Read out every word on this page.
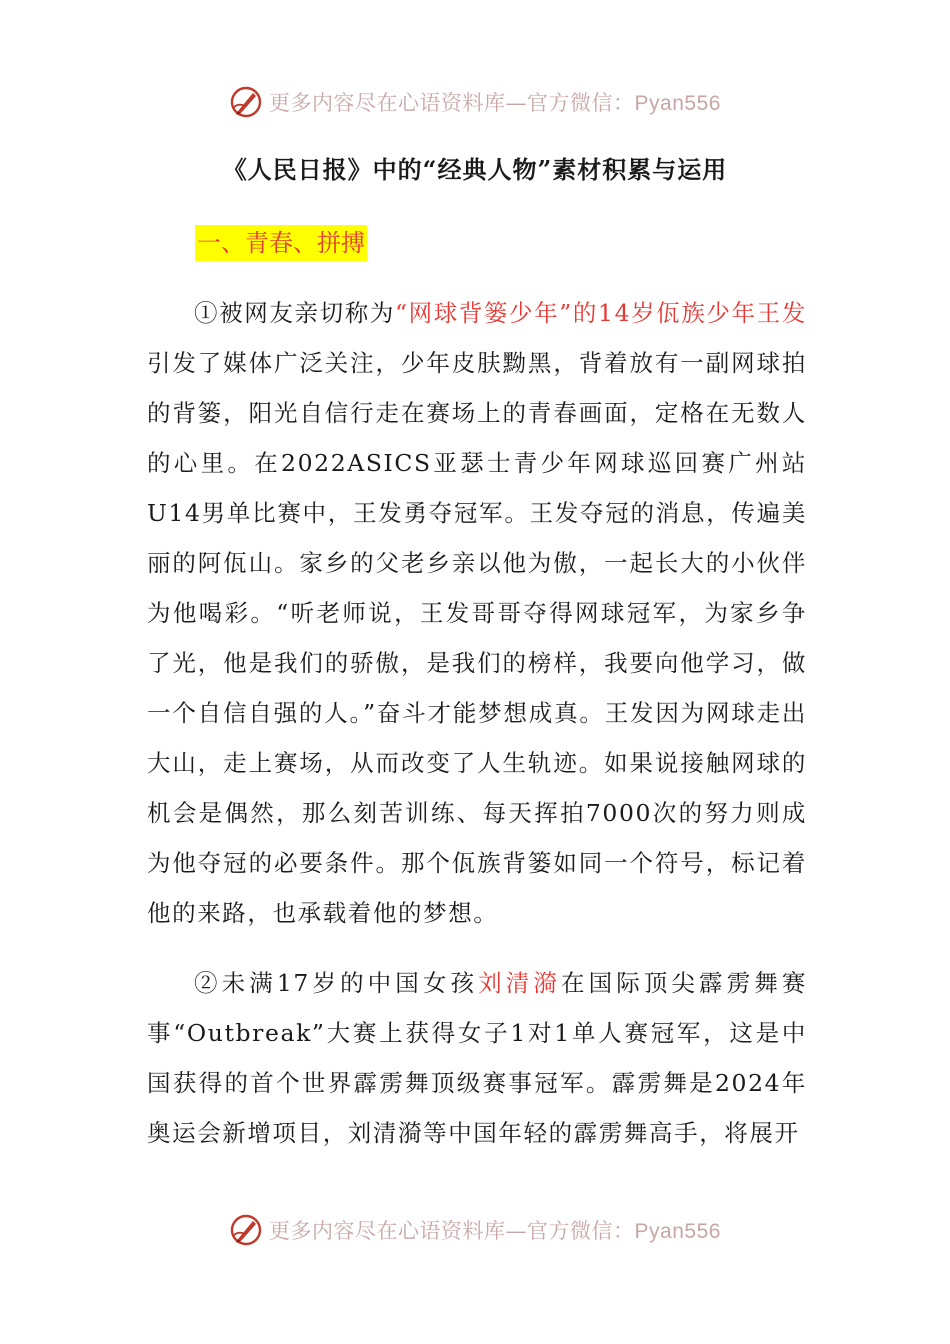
更多内容尽在心语资料库—官方微信：Pyan556
《人民日报》中的“经典人物”素材积累与运用
一、青春、拼搏

①被网友亲切称为“网球背篓少年”的14岁佤族少年王发引发了媒体广泛关注，少年皮肤黝黑，背着放有一副网球拍的背篓，阳光自信行走在赛场上的青春画面，定格在无数人的心里。在2022ASICS亚瑟士青少年网球巡回赛广州站U14男单比赛中，王发勇夺冠军。王发夺冠的消息，传遍美丽的阿佤山。家乡的父老乡亲以他为傲，一起长大的小伙伴为他喝彩。“听老师说，王发哥哥夺得网球冠军，为家乡争了光，他是我们的骄傲，是我们的榜样，我要向他学习，做一个自信自强的人。”奋斗才能梦想成真。王发因为网球走出大山，走上赛场，从而改变了人生轨迹。如果说接触网球的机会是偶然，那么刻苦训练、每天挥拍7000次的努力则成为他夺冠的必要条件。那个佤族背篓如同一个符号，标记着他的来路，也承载着他的梦想。

②未满17岁的中国女孩刘清漪在国际顶尖霹雳舞赛事“Outbreak”大赛上获得女子1对1单人赛冠军，这是中国获得的首个世界霹雳舞顶级赛事冠军。霹雳舞是2024年奥运会新增项目，刘清漪等中国年轻的霹雳舞高手，将展开

更多内容尽在心语资料库—官方微信：Pyan556
